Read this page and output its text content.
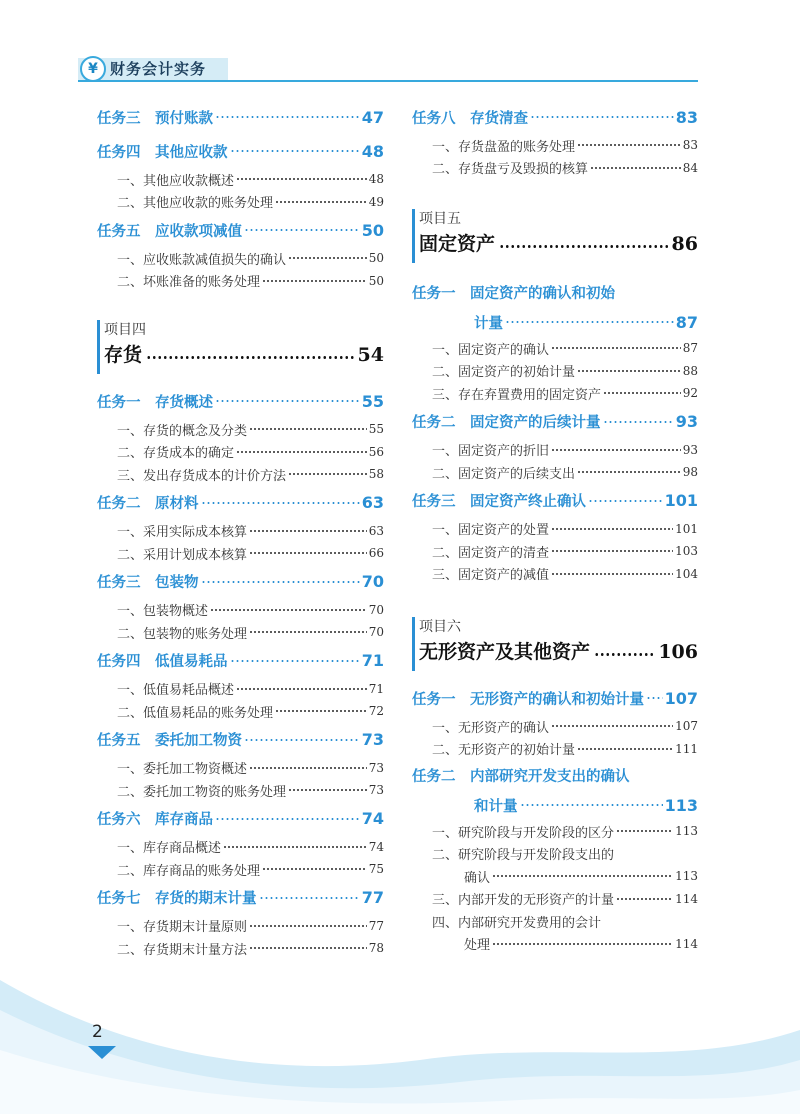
¥ 财务会计实务
任务三　预付账款	47
任务四　其他应收款	48
一、其他应收款概述	48
二、其他应收款的账务处理	49
任务五　应收款项减值	50
一、应收账款减值损失的确认	50
二、坏账准备的账务处理	50
项目四
存货	54
任务一　存货概述	55
一、存货的概念及分类	55
二、存货成本的确定	56
三、发出存货成本的计价方法	58
任务二　原材料	63
一、采用实际成本核算	63
二、采用计划成本核算	66
任务三　包装物	70
一、包装物概述	70
二、包装物的账务处理	70
任务四　低值易耗品	71
一、低值易耗品概述	71
二、低值易耗品的账务处理	72
任务五　委托加工物资	73
一、委托加工物资概述	73
二、委托加工物资的账务处理	73
任务六　库存商品	74
一、库存商品概述	74
二、库存商品的账务处理	75
任务七　存货的期末计量	77
一、存货期末计量原则	77
二、存货期末计量方法	78
任务八　存货清查	83
一、存货盘盈的账务处理	83
二、存货盘亏及毁损的核算	84
项目五
固定资产	86
任务一　固定资产的确认和初始
计量	87
一、固定资产的确认	87
二、固定资产的初始计量	88
三、存在弃置费用的固定资产	92
任务二　固定资产的后续计量	93
一、固定资产的折旧	93
二、固定资产的后续支出	98
任务三　固定资产终止确认	101
一、固定资产的处置	101
二、固定资产的清查	103
三、固定资产的减值	104
项目六
无形资产及其他资产	106
任务一　无形资产的确认和初始计量 107
一、无形资产的确认	107
二、无形资产的初始计量	111
任务二　内部研究开发支出的确认
和计量	113
一、研究阶段与开发阶段的区分	113
二、研究阶段与开发阶段支出的
确认	113
三、内部开发的无形资产的计量	114
四、内部研究开发费用的会计
处理	114
2
